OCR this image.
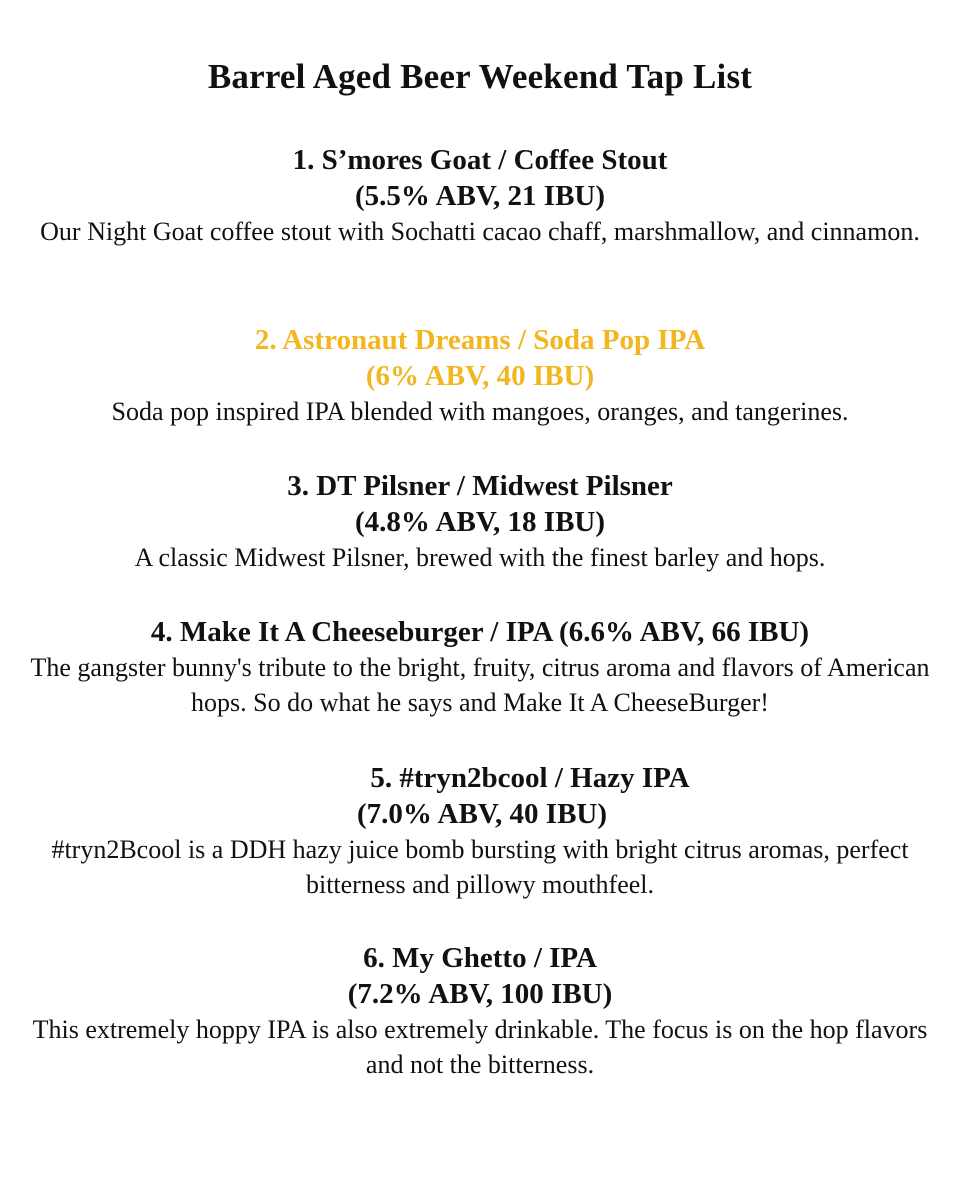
Barrel Aged Beer Weekend Tap List
1. S’mores Goat / Coffee Stout
(5.5% ABV, 21 IBU)
Our Night Goat coffee stout with Sochatti cacao chaff, marshmallow, and cinnamon.
2. Astronaut Dreams / Soda Pop IPA
(6% ABV, 40 IBU)
Soda pop inspired IPA blended with mangoes, oranges, and tangerines.
3. DT Pilsner / Midwest Pilsner
(4.8% ABV, 18 IBU)
A classic Midwest Pilsner, brewed with the finest barley and hops.
4. Make It A Cheeseburger / IPA (6.6% ABV, 66 IBU)
The gangster bunny's tribute to the bright, fruity, citrus aroma and flavors of American hops. So do what he says and Make It A CheeseBurger!
5. #tryn2bcool / Hazy IPA
(7.0% ABV, 40 IBU)
#tryn2Bcool is a DDH hazy juice bomb bursting with bright citrus aromas, perfect bitterness and pillowy mouthfeel.
6. My Ghetto / IPA
(7.2% ABV, 100 IBU)
This extremely hoppy IPA is also extremely drinkable. The focus is on the hop flavors and not the bitterness.
